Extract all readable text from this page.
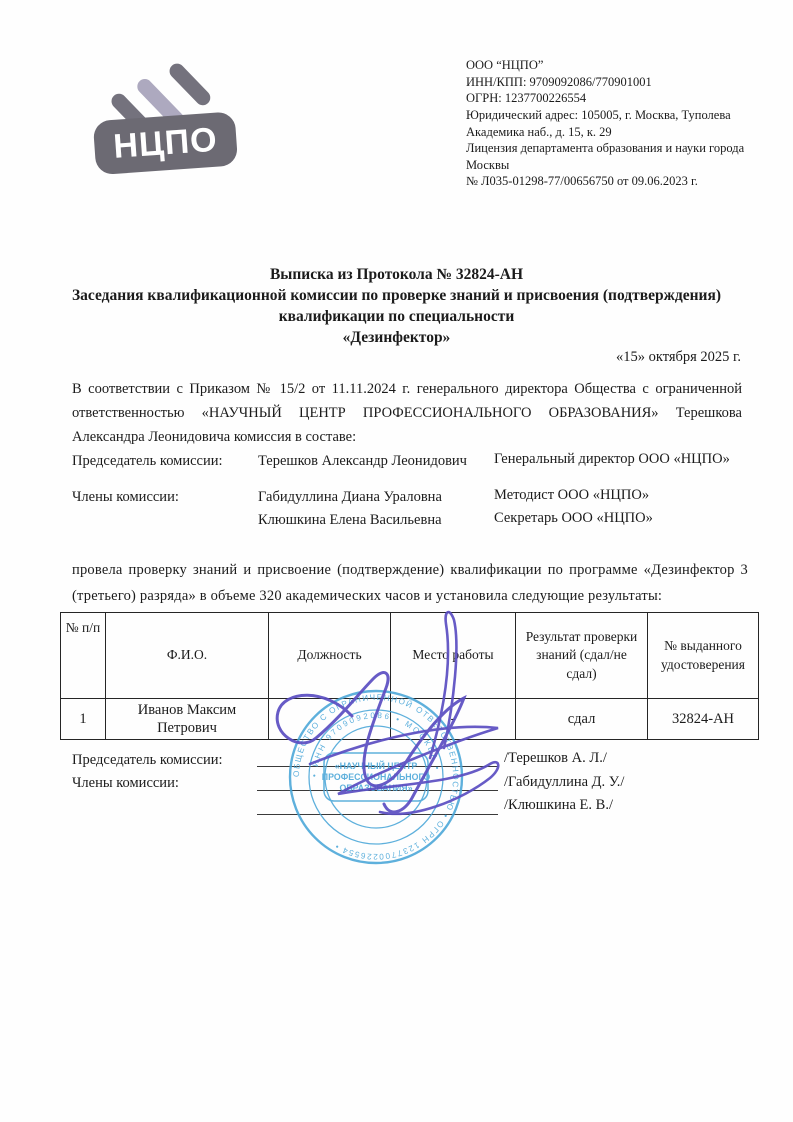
НЦПО
ООО “НЦПО”
ИНН/КПП: 9709092086/770901001
ОГРН: 1237700226554
Юридический адрес: 105005, г. Москва, Туполева Академика наб., д. 15, к. 29
Лицензия департамента образования и науки города Москвы
№ Л035-01298-77/00656750 от 09.06.2023 г.
Выписка из Протокола № 32824-АН
Заседания квалификационной комиссии по проверке знаний и присвоения (подтверждения)
квалификации по специальности
«Дезинфектор»
«15» октября 2025 г.
В соответствии с Приказом № 15/2 от 11.11.2024 г. генерального директора Общества с ограниченной ответственностью «НАУЧНЫЙ ЦЕНТР ПРОФЕССИОНАЛЬНОГО ОБРАЗОВАНИЯ» Терешкова Александра Леонидовича комиссия в составе:
Председатель комиссии: Терешков Александр Леонидович Генеральный директор ООО «НЦПО»
Члены комиссии:	Габидуллина Диана Ураловна	Методист ООО «НЦПО»
Клюшкина Елена Васильевна	Секретарь ООО «НЦПО»
провела проверку знаний и присвоение (подтверждение) квалификации по программе «Дезинфектор 3 (третьего) разряда» в объеме 320 академических часов и установила следующие результаты:
№ п/п	Ф.И.О.	Должность	Место работы	Результат проверки знаний (сдал/не сдал)	№ выданного удостоверения
1	Иванов Максим Петрович		-	сдал	32824-АН
Председатель комиссии:
Члены комиссии:
/Терешков А. Л./
/Габидуллина Д. У./
/Клюшкина Е. В./
ОБЩЕСТВО С ОГРАНИЧЕННОЙ ОТВЕТСТВЕННОСТЬЮ • ОГРН 1237700226554 •
• ИНН 9709092086 • МОСКВА •
«НАУЧНЫЙ ЦЕНТР
ПРОФЕССИОНАЛЬНОГО
ОБРАЗОВАНИЯ»
